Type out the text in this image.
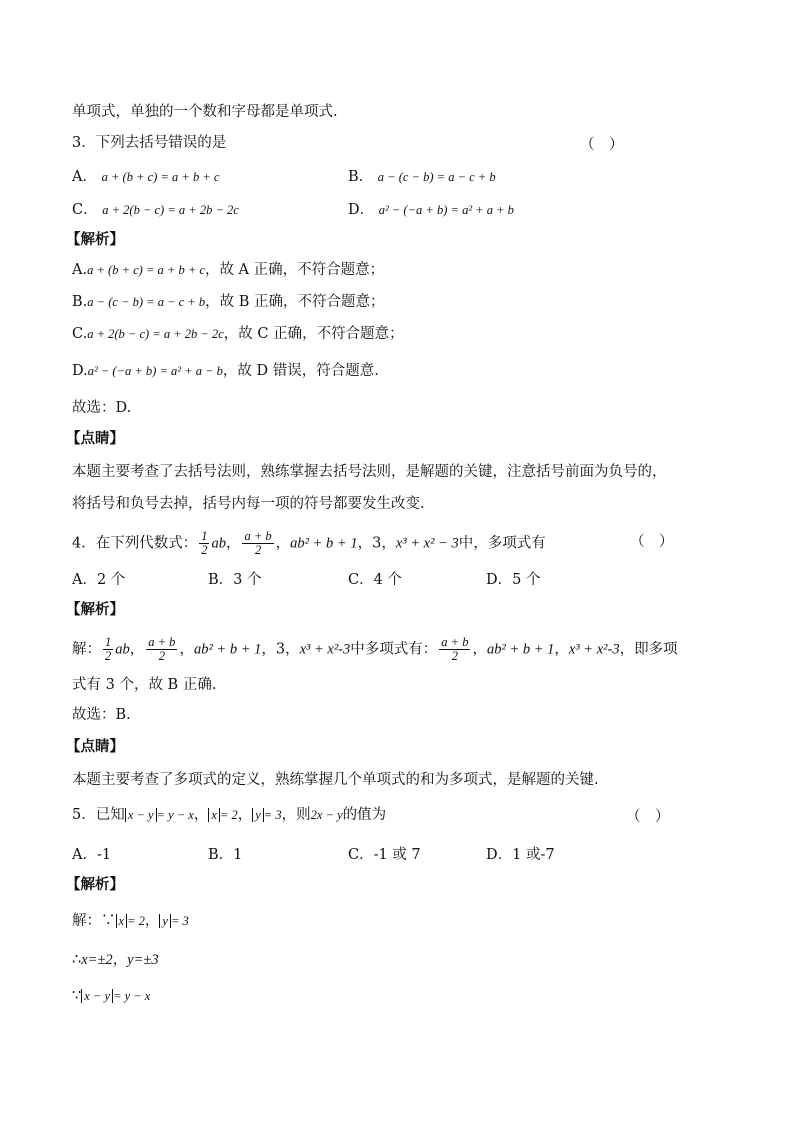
单项式，单独的一个数和字母都是单项式.
3．下列去括号错误的是	（　）
A． a + (b + c) = a + b + c	B． a − (c − b) = a − c + b
C． a + 2(b − c) = a + 2b − 2c	D． a² − (−a + b) = a² + a + b
【解析】
A.a + (b + c) = a + b + c，故 A 正确，不符合题意；
B.a − (c − b) = a − c + b，故 B 正确，不符合题意；
C.a + 2(b − c) = a + 2b − 2c，故 C 正确，不符合题意；
D.a² − (−a + b) = a² + a − b，故 D 错误，符合题意.
故选：D.
【点睛】
本题主要考查了去括号法则，熟练掌握去括号法则，是解题的关键，注意括号前面为负号的，
将括号和负号去掉，括号内每一项的符号都要发生改变.
4．在下列代数式： $\frac{1}{2}$ ab， $\frac{a + b}{2}$ ，ab² + b + 1，3，x³ + x² − 3中，多项式有	（　）
A．2 个	B．3 个	C．4 个	D．5 个
【解析】
解： $\frac{1}{2}$ ab， $\frac{a + b}{2}$ ，ab² + b + 1，3，x³ + x²-3中多项式有： $\frac{a + b}{2}$ ，ab² + b + 1，x³ + x²-3，即多项
式有 3 个，故 B 正确.
故选：B.
【点睛】
本题主要考查了多项式的定义，熟练掌握几个单项式的和为多项式，是解题的关键.
5．已知 x − y = y − x， x = 2， y = 3，则2x − y的值为	（　）
A．-1	B．1	C．-1 或 7	D．1 或-7
【解析】
解：∵ x = 2， y = 3
∴x=±2，y=±3
∵ x − y = y − x
